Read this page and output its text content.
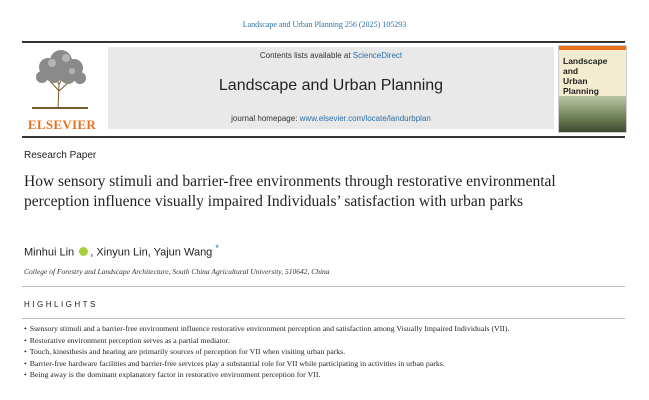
Landscape and Urban Planning 256 (2025) 105293
ELSEVIER
Contents lists available at ScienceDirect
Landscape and Urban Planning
journal homepage: www.elsevier.com/locate/landurbplan
Landscape and
Urban Planning
Research Paper
How sensory stimuli and barrier-free environments through restorative environmental perception influence visually impaired Individuals’ satisfaction with urban parks
Minhui Lin , Xinyun Lin, Yajun Wang *
College of Forestry and Landscape Architecture, South China Agricultural University, 510642, China
HIGHLIGHTS
• Ssensory stimuli and a barrier-free environment influence restorative environment perception and satisfaction among Visually Impaired Individuals (VII).
• Restorative environment perception serves as a partial mediator.
• Touch, kinesthesis and hearing are primarily sources of perception for VII when visiting urban parks.
• Barrier-free hardware facilities and barrier-free services play a substantial role for VII while participating in activities in urban parks.
• Being away is the dominant explanatory factor in restorative environment perception for VII.
